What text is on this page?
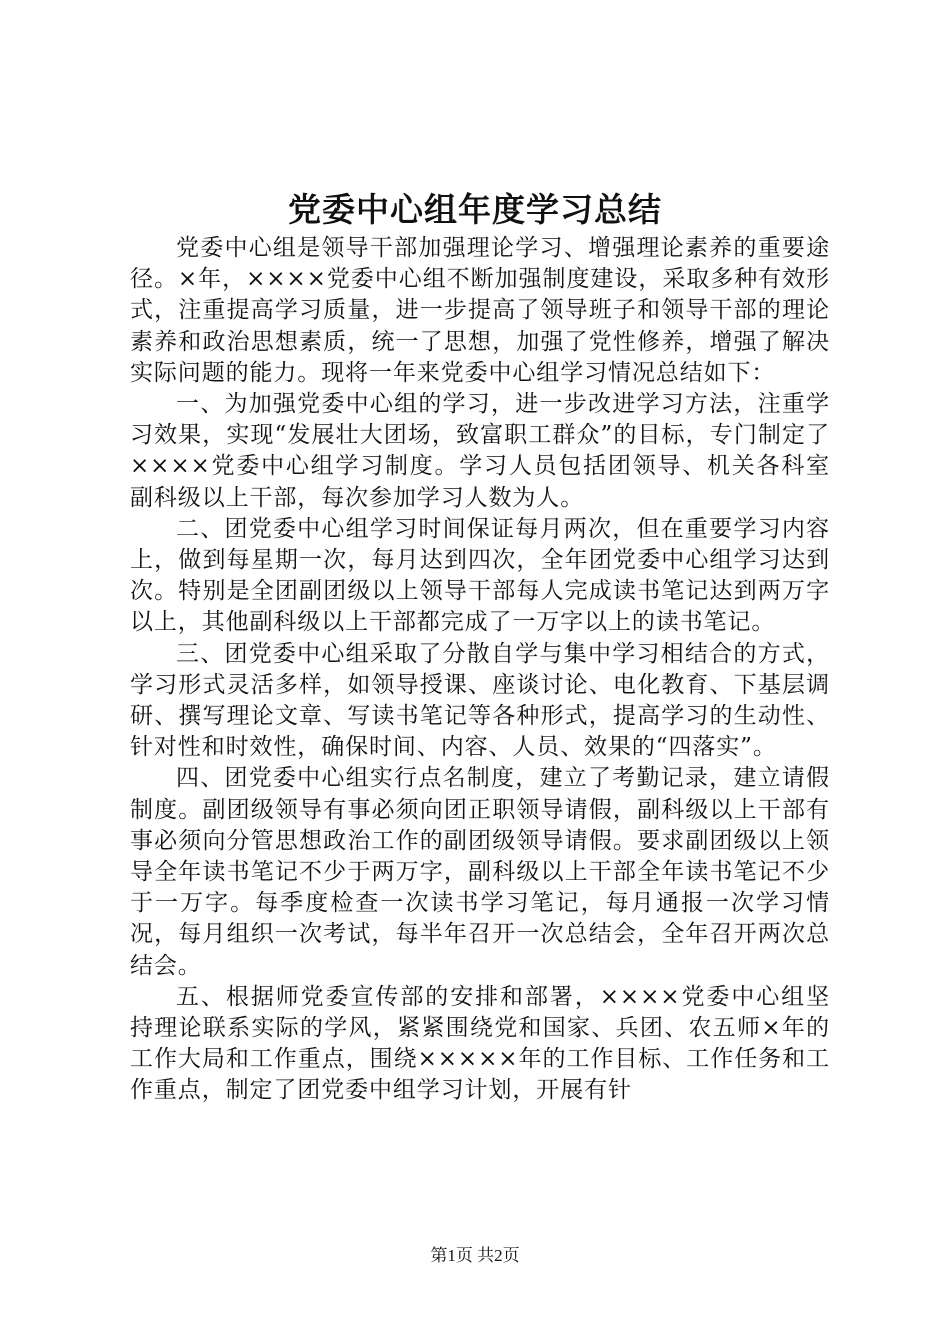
党委中心组年度学习总结

党委中心组是领导干部加强理论学习、增强理论素养的重要途径。×年，××××党委中心组不断加强制度建设，采取多种有效形式，注重提高学习质量，进一步提高了领导班子和领导干部的理论素养和政治思想素质，统一了思想，加强了党性修养，增强了解决实际问题的能力。现将一年来党委中心组学习情况总结如下：

一、为加强党委中心组的学习，进一步改进学习方法，注重学习效果，实现“发展壮大团场，致富职工群众”的目标，专门制定了××××党委中心组学习制度。学习人员包括团领导、机关各科室副科级以上干部，每次参加学习人数为人。

二、团党委中心组学习时间保证每月两次，但在重要学习内容上，做到每星期一次，每月达到四次，全年团党委中心组学习达到次。特别是全团副团级以上领导干部每人完成读书笔记达到两万字以上，其他副科级以上干部都完成了一万字以上的读书笔记。

三、团党委中心组采取了分散自学与集中学习相结合的方式，学习形式灵活多样，如领导授课、座谈讨论、电化教育、下基层调研、撰写理论文章、写读书笔记等各种形式，提高学习的生动性、针对性和时效性，确保时间、内容、人员、效果的“四落实”。

四、团党委中心组实行点名制度，建立了考勤记录，建立请假制度。副团级领导有事必须向团正职领导请假，副科级以上干部有事必须向分管思想政治工作的副团级领导请假。要求副团级以上领导全年读书笔记不少于两万字，副科级以上干部全年读书笔记不少于一万字。每季度检查一次读书学习笔记，每月通报一次学习情况，每月组织一次考试，每半年召开一次总结会，全年召开两次总结会。

五、根据师党委宣传部的安排和部署，××××党委中心组坚持理论联系实际的学风，紧紧围绕党和国家、兵团、农五师×年的工作大局和工作重点，围绕×××××年的工作目标、工作任务和工作重点，制定了团党委中组学习计划，开展有针

第1页 共2页
